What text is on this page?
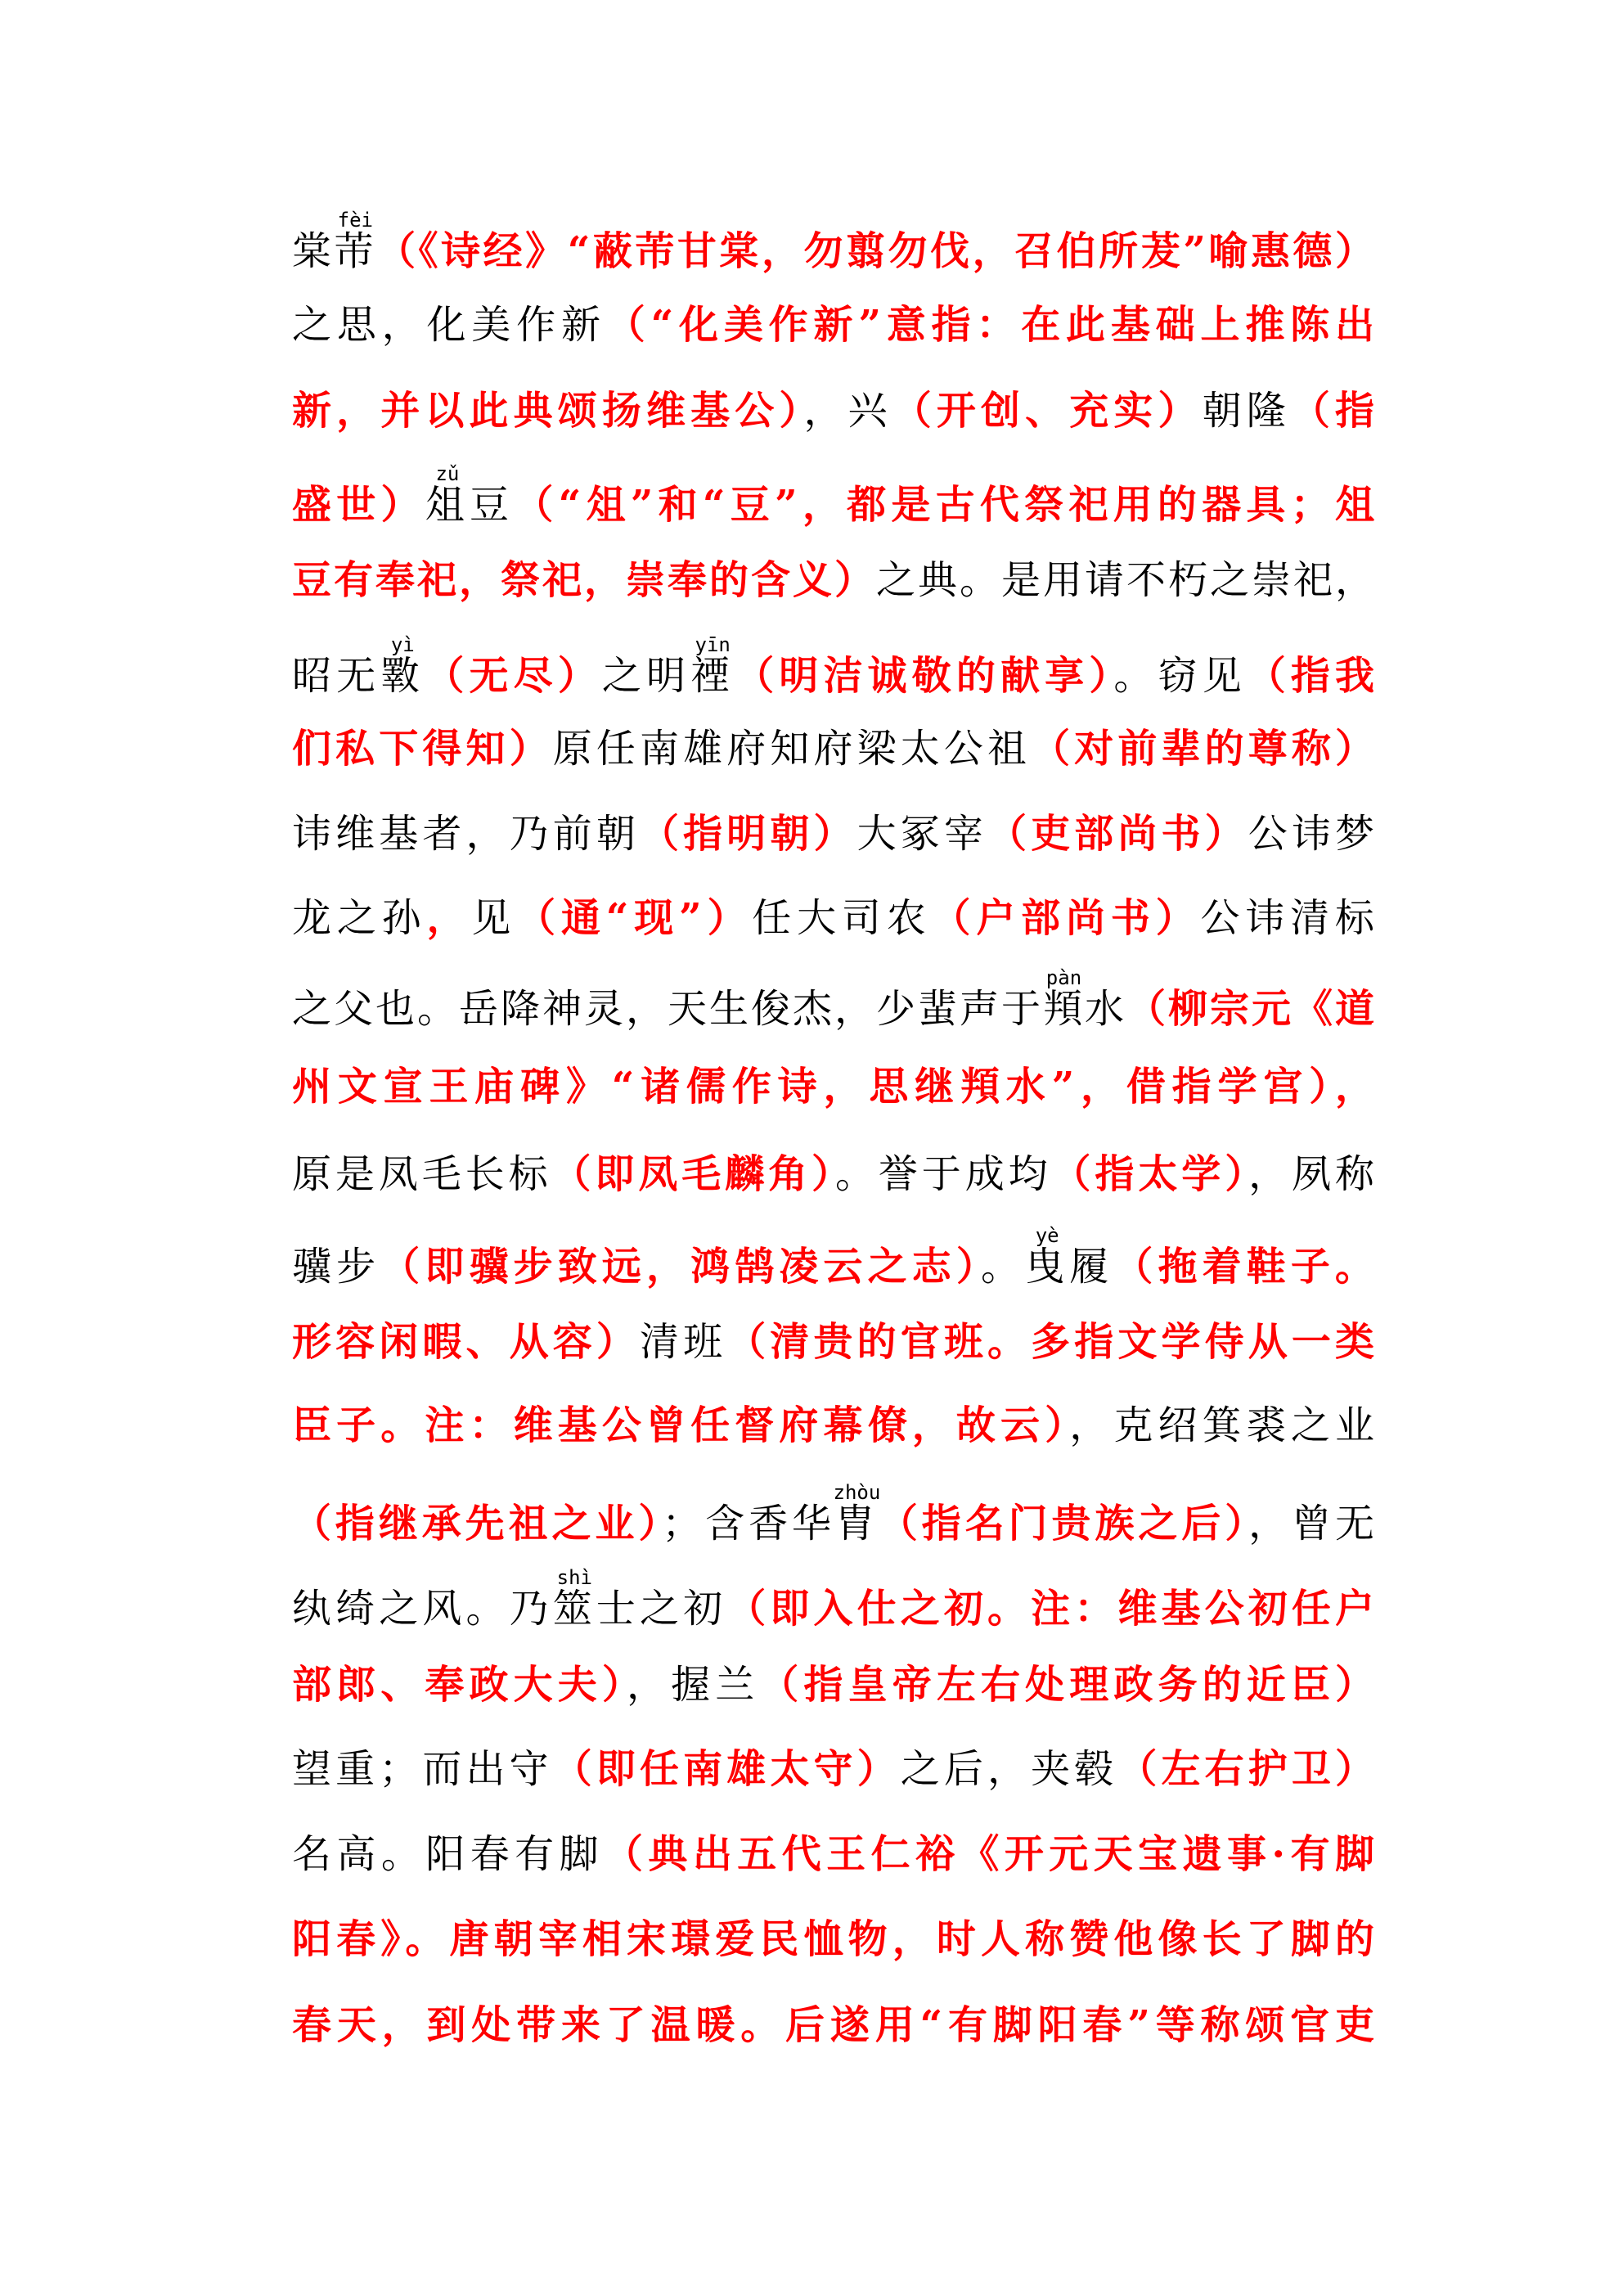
棠芾
fèi
（《诗经》“蔽芾甘棠，勿翦勿伐，召伯所茇”喻惠德）
之思，化美作新（“化美作新”意指：在此基础上推陈出
新，并以此典颂扬维基公），兴（开创、充实）朝隆（指
盛世）俎
zǔ
豆（“俎”和“豆”，都是古代祭祀用的器具；俎
豆有奉祀，祭祀，崇奉的含义）之典。是用请不朽之崇祀，
昭无斁
yì
（无尽）之明禋
yīn
（明洁诚敬的献享）。窃见（指我
们私下得知）原任南雄府知府梁太公祖（对前辈的尊称）
讳维基者，乃前朝（指明朝）大冢宰（吏部尚书）公讳梦
龙之孙，见（通“现”）任大司农（户部尚书）公讳清标
之父也。岳降神灵，天生俊杰，少蜚声于頖
pàn
水（柳宗元《道
州文宣王庙碑》“诸儒作诗，思继頖水”，借指学宫），
原是凤毛长标（即凤毛麟角）。誉于成均（指太学），夙称
骥步（即骥步致远，鸿鹄凌云之志）。曳
yè
履（拖着鞋子。
形容闲暇、从容）清班（清贵的官班。多指文学侍从一类
臣子。注：维基公曾任督府幕僚，故云），克绍箕裘之业
（指继承先祖之业）；含香华胄
zhòu
（指名门贵族之后），曾无
纨绮之风。乃筮
shì
士之初（即入仕之初。注：维基公初任户
部郎、奉政大夫），握兰（指皇帝左右处理政务的近臣）
望重；而出守（即任南雄太守）之后，夹毂（左右护卫）
名高。阳春有脚（典出五代王仁裕《开元天宝遗事·有脚
阳春》。唐朝宰相宋璟爱民恤物，时人称赞他像长了脚的
春天，到处带来了温暖。后遂用“有脚阳春”等称颂官吏
